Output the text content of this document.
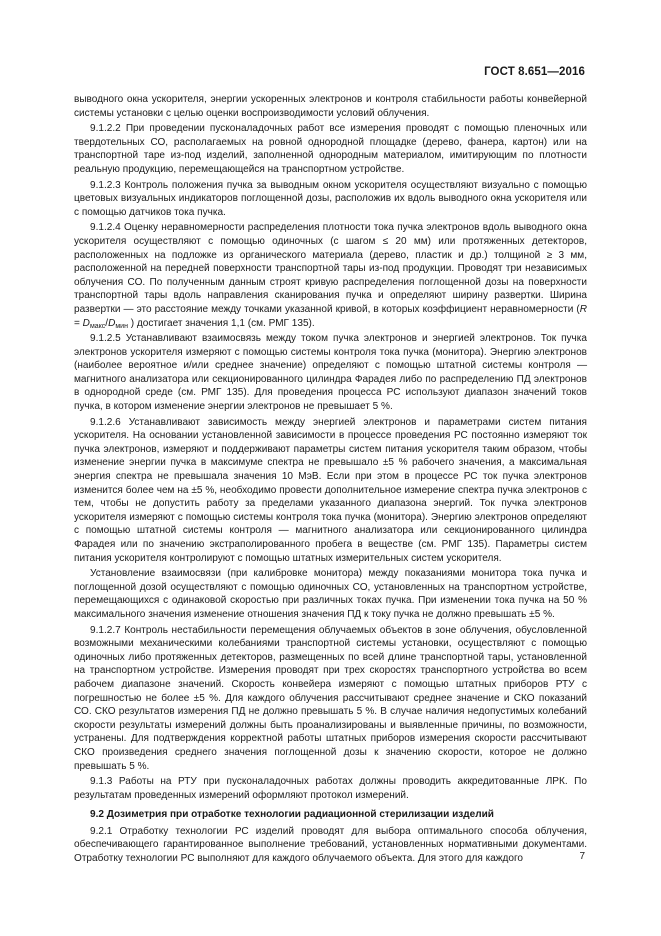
ГОСТ 8.651—2016

выводного окна ускорителя, энергии ускоренных электронов и контроля стабильности работы конвейерной системы установки с целью оценки воспроизводимости условий облучения.

9.1.2.2 При проведении пусконаладочных работ все измерения проводят с помощью пленочных или твердотельных СО, располагаемых на ровной однородной площадке (дерево, фанера, картон) или на транспортной таре из-под изделий, заполненной однородным материалом, имитирующим по плотности реальную продукцию, перемещающейся на транспортном устройстве.

9.1.2.3 Контроль положения пучка за выводным окном ускорителя осуществляют визуально с помощью цветовых визуальных индикаторов поглощенной дозы, расположив их вдоль выводного окна ускорителя или с помощью датчиков тока пучка.

9.1.2.4 Оценку неравномерности распределения плотности тока пучка электронов вдоль выводного окна ускорителя осуществляют с помощью одиночных (с шагом ≤ 20 мм) или протяженных детекторов, расположенных на подложке из органического материала (дерево, пластик и др.) толщиной ≥ 3 мм, расположенной на передней поверхности транспортной тары из-под продукции. Проводят три независимых облучения СО. По полученным данным строят кривую распределения поглощенной дозы на поверхности транспортной тары вдоль направления сканирования пучка и определяют ширину развертки. Ширина развертки — это расстояние между точками указанной кривой, в которых коэффициент неравномерности ($R = D_{макс}/D_{мин}$ ) достигает значения 1,1 (см. РМГ 135).

9.1.2.5 Устанавливают взаимосвязь между током пучка электронов и энергией электронов. Ток пучка электронов ускорителя измеряют с помощью системы контроля тока пучка (монитора). Энергию электронов (наиболее вероятное и/или среднее значение) определяют с помощью штатной системы контроля — магнитного анализатора или секционированного цилиндра Фарадея либо по распределению ПД электронов в однородной среде (см. РМГ 135). Для проведения процесса РС используют диапазон значений токов пучка, в котором изменение энергии электронов не превышает 5 %.

9.1.2.6 Устанавливают зависимость между энергией электронов и параметрами систем питания ускорителя. На основании установленной зависимости в процессе проведения РС постоянно измеряют ток пучка электронов, измеряют и поддерживают параметры систем питания ускорителя таким образом, чтобы изменение энергии пучка в максимуме спектра не превышало ±5 % рабочего значения, а максимальная энергия спектра не превышала значения 10 МэВ. Если при этом в процессе РС ток пучка электронов изменится более чем на ±5 %, необходимо провести дополнительное измерение спектра пучка электронов с тем, чтобы не допустить работу за пределами указанного диапазона энергий. Ток пучка электронов ускорителя измеряют с помощью системы контроля тока пучка (монитора). Энергию электронов определяют с помощью штатной системы контроля — магнитного анализатора или секционированного цилиндра Фарадея или по значению экстраполированного пробега в веществе (см. РМГ 135). Параметры систем питания ускорителя контролируют с помощью штатных измерительных систем ускорителя.

Установление взаимосвязи (при калибровке монитора) между показаниями монитора тока пучка и поглощенной дозой осуществляют с помощью одиночных СО, установленных на транспортном устройстве, перемещающихся с одинаковой скоростью при различных токах пучка. При изменении тока пучка на 50 % максимального значения изменение отношения значения ПД к току пучка не должно превышать ±5 %.

9.1.2.7 Контроль нестабильности перемещения облучаемых объектов в зоне облучения, обусловленной возможными механическими колебаниями транспортной системы установки, осуществляют с помощью одиночных либо протяженных детекторов, размещенных по всей длине транспортной тары, установленной на транспортном устройстве. Измерения проводят при трех скоростях транспортного устройства во всем рабочем диапазоне значений. Скорость конвейера измеряют с помощью штатных приборов РТУ с погрешностью не более ±5 %. Для каждого облучения рассчитывают среднее значение и СКО показаний СО. СКО результатов измерения ПД не должно превышать 5 %. В случае наличия недопустимых колебаний скорости результаты измерений должны быть проанализированы и выявленные причины, по возможности, устранены. Для подтверждения корректной работы штатных приборов измерения скорости рассчитывают СКО произведения среднего значения поглощенной дозы к значению скорости, которое не должно превышать 5 %.

9.1.3 Работы на РТУ при пусконаладочных работах должны проводить аккредитованные ЛРК. По результатам проведенных измерений оформляют протокол измерений.

9.2 Дозиметрия при отработке технологии радиационной стерилизации изделий

9.2.1 Отработку технологии РС изделий проводят для выбора оптимального способа облучения, обеспечивающего гарантированное выполнение требований, установленных нормативными документами. Отработку технологии РС выполняют для каждого облучаемого объекта. Для этого для каждого	7
